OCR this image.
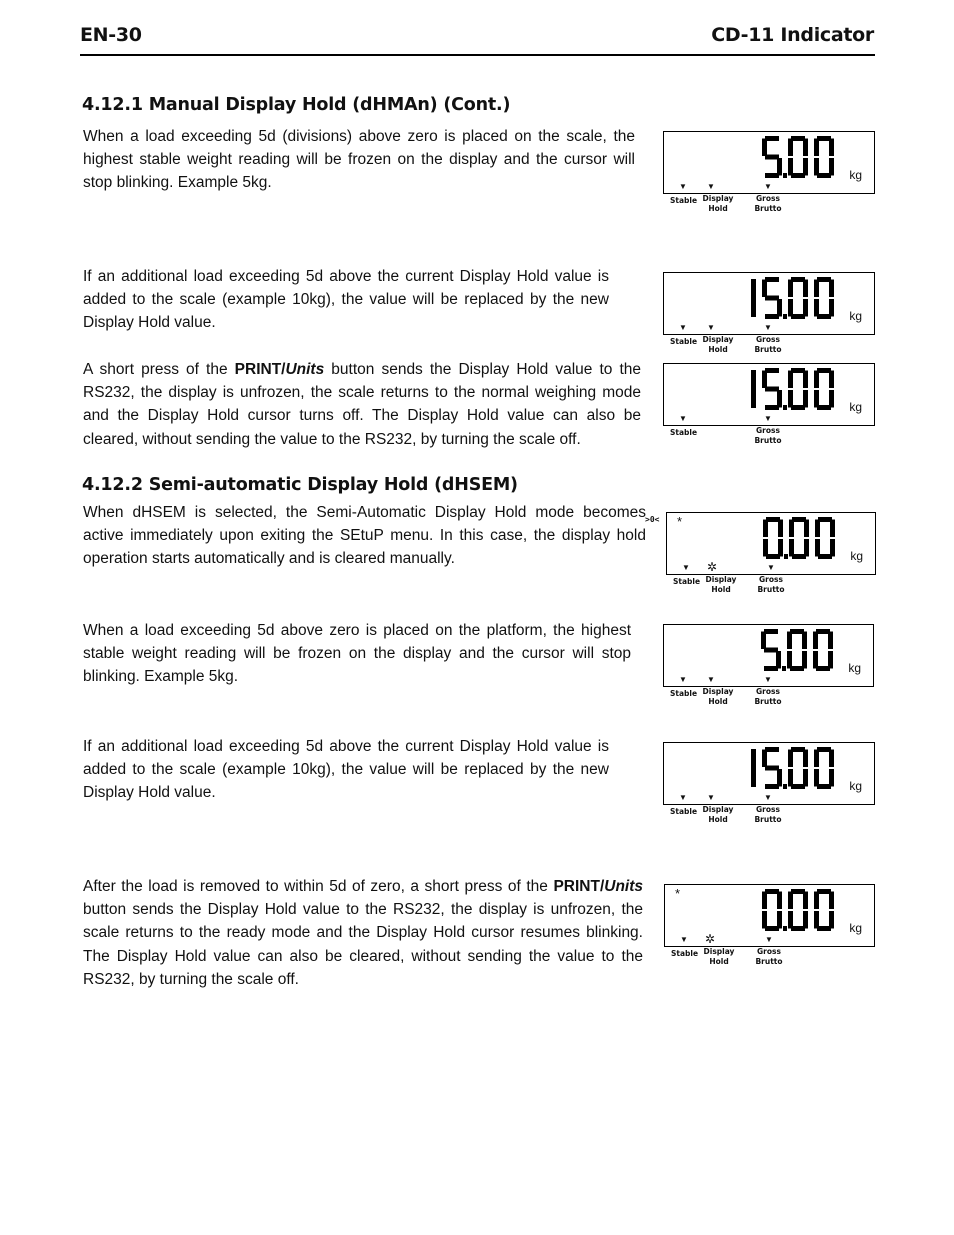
EN-30	CD-11 Indicator
4.12.1 Manual Display Hold (dHMAn) (Cont.)

When a load exceeding 5d (divisions) above zero is placed on the scale, the highest stable weight reading will be frozen on the display and the cursor will stop blinking. Example 5kg.

If an additional load exceeding 5d above the current Display Hold value is added to the scale (example 10kg), the value will be replaced by the new Display Hold value.

A short press of the PRINT/Units button sends the Display Hold value to the RS232, the display is unfrozen, the scale returns to the normal weighing mode and the Display Hold cursor turns off. The Display Hold value can also be cleared, without sending the value to the RS232, by turning the scale off.

4.12.2 Semi-automatic Display Hold (dHSEM)

When dHSEM is selected, the Semi-Automatic Display Hold mode becomes active immediately upon exiting the SEtuP menu. In this case, the display hold operation starts automatically and is cleared manually.

When a load exceeding 5d above zero is placed on the platform, the highest stable weight reading will be frozen on the display and the cursor will stop blinking. Example 5kg.

If an additional load exceeding 5d above the current Display Hold value is added to the scale (example 10kg), the value will be replaced by the new Display Hold value.

After the load is removed to within 5d of zero, a short press of the PRINT/Units button sends the Display Hold value to the RS232, the display is unfrozen, the scale returns to the ready mode and the Display Hold cursor resumes blinking. The Display Hold value can also be cleared, without sending the value to the RS232, by turning the scale off.

kg
▼	▼	▼
Stable Display
Hold
Gross
Brutto
kg
▼	▼	▼
Stable Display
Hold
Gross
Brutto
kg
▼	▼
Stable	Gross
Brutto
kg
*
>0<
▼ ✲	▼
Stable Display
Hold
Gross
Brutto
kg
▼	▼	▼
Stable Display
Hold
Gross
Brutto
kg
▼	▼	▼
Stable Display
Hold
Gross
Brutto
kg
*
▼ ✲	▼
Stable Display
Hold
Gross
Brutto
